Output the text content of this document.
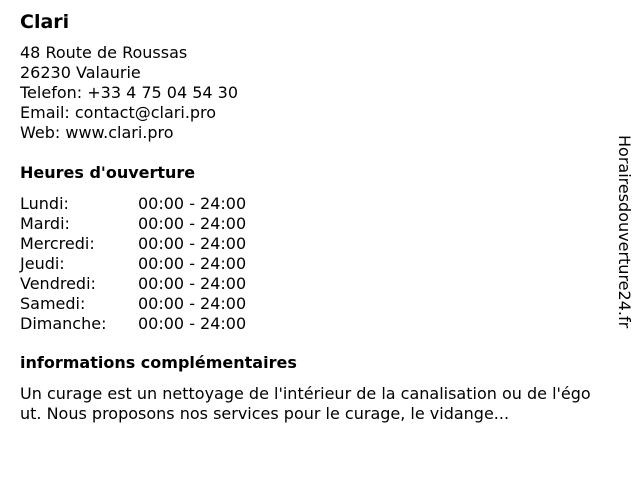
Clari
48 Route de Roussas
26230 Valaurie
Telefon: +33 4 75 04 54 30
Email: contact@clari.pro
Web: www.clari.pro
Heures d'ouverture
Lundi:	00:00 - 24:00
Mardi:	00:00 - 24:00
Mercredi:	00:00 - 24:00
Jeudi:	00:00 - 24:00
Vendredi:	00:00 - 24:00
Samedi:	00:00 - 24:00
Dimanche: 00:00 - 24:00
informations complémentaires

Un curage est un nettoyage de l'intérieur de la canalisation ou de l'égout. Nous proposons nos services pour le curage, le vidange...

Horairesdouverture24.fr
